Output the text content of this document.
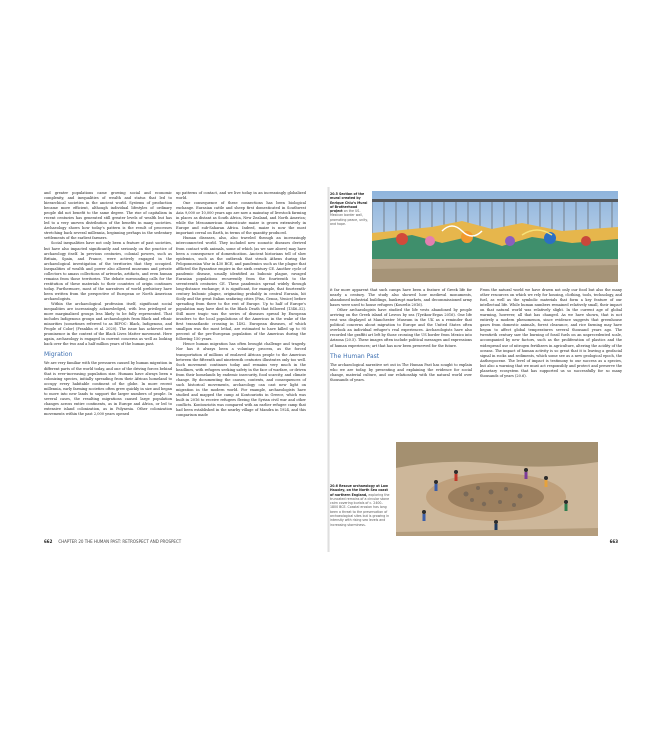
and greater populations came growing social and economic complexity, and inequalities of wealth and status that led to hierarchical societies in the ancient world. Systems of production became more efficient, although individual lifestyles of ordinary people did not benefit to the same degree. The rise of capitalism in recent centuries has generated still greater levels of wealth but has led to a very uneven distribution of the benefits in many societies. Archaeology shows how today’s pattern is the result of processes stretching back several millennia, beginning perhaps in the sedentary settlements of the earliest farmers.

Social inequalities have not only been a feature of past societies, but have also impacted significantly and seriously on the practice of archaeology itself. In previous centuries, colonial powers, such as Britain, Spain, and France, were actively engaged in the archaeological investigation of the territories that they occupied. Inequalities of wealth and power also allowed museums and private collectors to amass collections of artworks, artifacts, and even human remains from those territories. The debate surrounding calls for the restitution of these materials to their countries of origin continues today. Furthermore, most of the narratives of world prehistory have been written from the perspective of European or North American archaeologists.

Within the archaeological profession itself, significant social inequalities are increasingly acknowledged, with less privileged or more marginalized groups less likely to be fully represented. That includes Indigenous groups and archaeologists from Black and ethnic minorities (sometimes referred to as BIPOC: Black, Indigenous, and People of Color) (Franklin et al. 2020). The issue has achieved new prominence in the context of the Black Lives Matter movement. Here again, archaeology is engaged in current concerns as well as looking back over the two and a half million years of the human past.

Migration

We are very familiar with the pressures caused by human migration in different parts of the world today, and one of the driving forces behind that is ever-increasing population size. Humans have always been a colonizing species, initially spreading from their African homeland to occupy every habitable continent of the globe. In more recent millennia, early farming societies often grew quickly in size and began to move into new lands to support the larger numbers of people. In several cases, the resulting migrations caused large population changes across entire continents, as in Europe and Africa, or led to extensive island colonization, as in Polynesia. Other colonization movements within the past 2,000 years opened

up patterns of contact, and we live today in an increasingly globalized world.

One consequence of these connections has been biological exchange. Eurasian cattle and sheep first domesticated in Southwest Asia 9,000 or 10,000 years ago are now a mainstay of livestock farming in places as distant as South Africa, New Zealand, and North America; while the Mesoamerican domesticate maize is grown extensively in Europe and sub-Saharan Africa. Indeed, maize is now the most important cereal on Earth, in terms of the quantity produced.

Human diseases, also, also traveled through an increasingly interconnected world. They included new zoonotic diseases derived from contact with animals, some of which (as we saw above) may have been a consequence of domestication. Ancient historians tell of slow epidemics, such as the outbreak that struck Athens during the Peloponnesian War in 430 BCE, and pandemics such as the plague that afflicted the Byzantine empire in the sixth century CE. Another cycle of pandemic disease, usually identified as bubonic plague, ravaged Eurasian populations recurrently from the fourteenth to the seventeenth centuries CE. These pandemics spread widely through long-distance exchange; it is significant, for example, that fourteenth-century bubonic plague, originating probably in central Eurasia, hit Sicily and the great Italian seafaring cities (Pisa, Genoa, Venice) before spreading from there to the rest of Europe. Up to half of Europe’s population may have died in the Black Death that followed (1346–52). Still more tragic was the series of diseases spread by European invaders to the local populations of the Americas in the wake of the first transatlantic crossing in 1492. European diseases, of which smallpox was the most lethal, are estimated to have killed up to 95 percent of the pre-European population of the Americas during the following 150 years.

Hence human migration has often brought challenge and tragedy. Nor has it always been a voluntary process, as the forced transportation of millions of enslaved African people to the Americas between the fifteenth and nineteenth centuries illustrates only too well. Such movement continues today and remains very much in the headlines, with refugees seeking safety in the face of warfare, or driven from their homelands by endemic insecurity, food scarcity, and climate change. By documenting the causes, contexts, and consequences of such historical movements, archaeology can cast new light on migration in the modern world. For example, archaeologists have studied and mapped the camp at Kontouriotis in Greece, which was built in 2016 to receive refugees fleeing the Syrian civil war and other conflicts. Kontouriotis was compared with an earlier refugee camp that had been established in the nearby village of Mandra in 1924, and this comparison made

662 CHAPTER 20 THE HUMAN PAST: RETROSPECT AND PROSPECT
20.5 Section of the mural created by Enrique Chiu’s Mural of Brotherhood project on the US-Mexican border wall, promoting peace, unity, and hope.

it far more apparent that such camps have been a feature of Greek life for nearly a century. The study also showed how medieval monuments, abandoned industrial buildings, bankrupt markets, and decommissioned army bases were used to house refugees (Kourelis 2016).

Other archaeologists have studied the life vests abandoned by people arriving on the Greek island of Lesvos by sea (Tyrikou-Ergas 2016). One life vest was displayed at Manchester Museum in the UK as a reminder that political concerns about migration to Europe and the United States often overlook an individual refugee’s real experiences. Archaeologists have also recorded the graffiti art left by those crossing the US border from Mexico into Arizona (20.5). These images often include political messages and expressions of human experiences; art that has now been preserved for the future.

The Human Past

The archaeological narrative set out in The Human Past has sought to explain who we are today, by presenting and explaining the evidence for social change, material culture, and our relationship with the natural world over thousands of years.

From the natural world we have drawn not only our food but also the many other resources on which we rely for housing, clothing, tools, technology, and fuel, as well as the symbolic materials that form a key feature of our intellectual life. While human numbers remained relatively small, their impact on that natural world was relatively slight. In the current age of global warming, however, all that has changed. As we have shown, that is not entirely a modern phenomenon, since evidence suggests that greenhouse gases from domestic animals, forest clearance, and rice farming may have begun to affect global temperatures several thousand years ago. The twentieth century saw the burning of fossil fuels on an unprecedented scale, accompanied by new factors, such as the proliferation of plastics and the widespread use of nitrogen fertilizers in agriculture, altering the acidity of the oceans. The impact of human activity is so great that it is leaving a geofacial signal in rocks and sediments, which some see as a new geological epoch, the Anthropocene. The level of impact is testimony to our success as a species, but also a warning that we must act responsibly and protect and preserve the planetary ecosystem that has supported us so successfully for so many thousands of years (20.6).

20.6 Rescue archaeology at Low Hauxley, on the North Sea coast of northern England, exploring the truncated remains of a circular stone cairn covering burials of c. 2400–1800 BCE. Coastal erosion has long been a threat to the preservation of archaeological sites but is growing in intensity with rising sea levels and increasing storminess.
663
